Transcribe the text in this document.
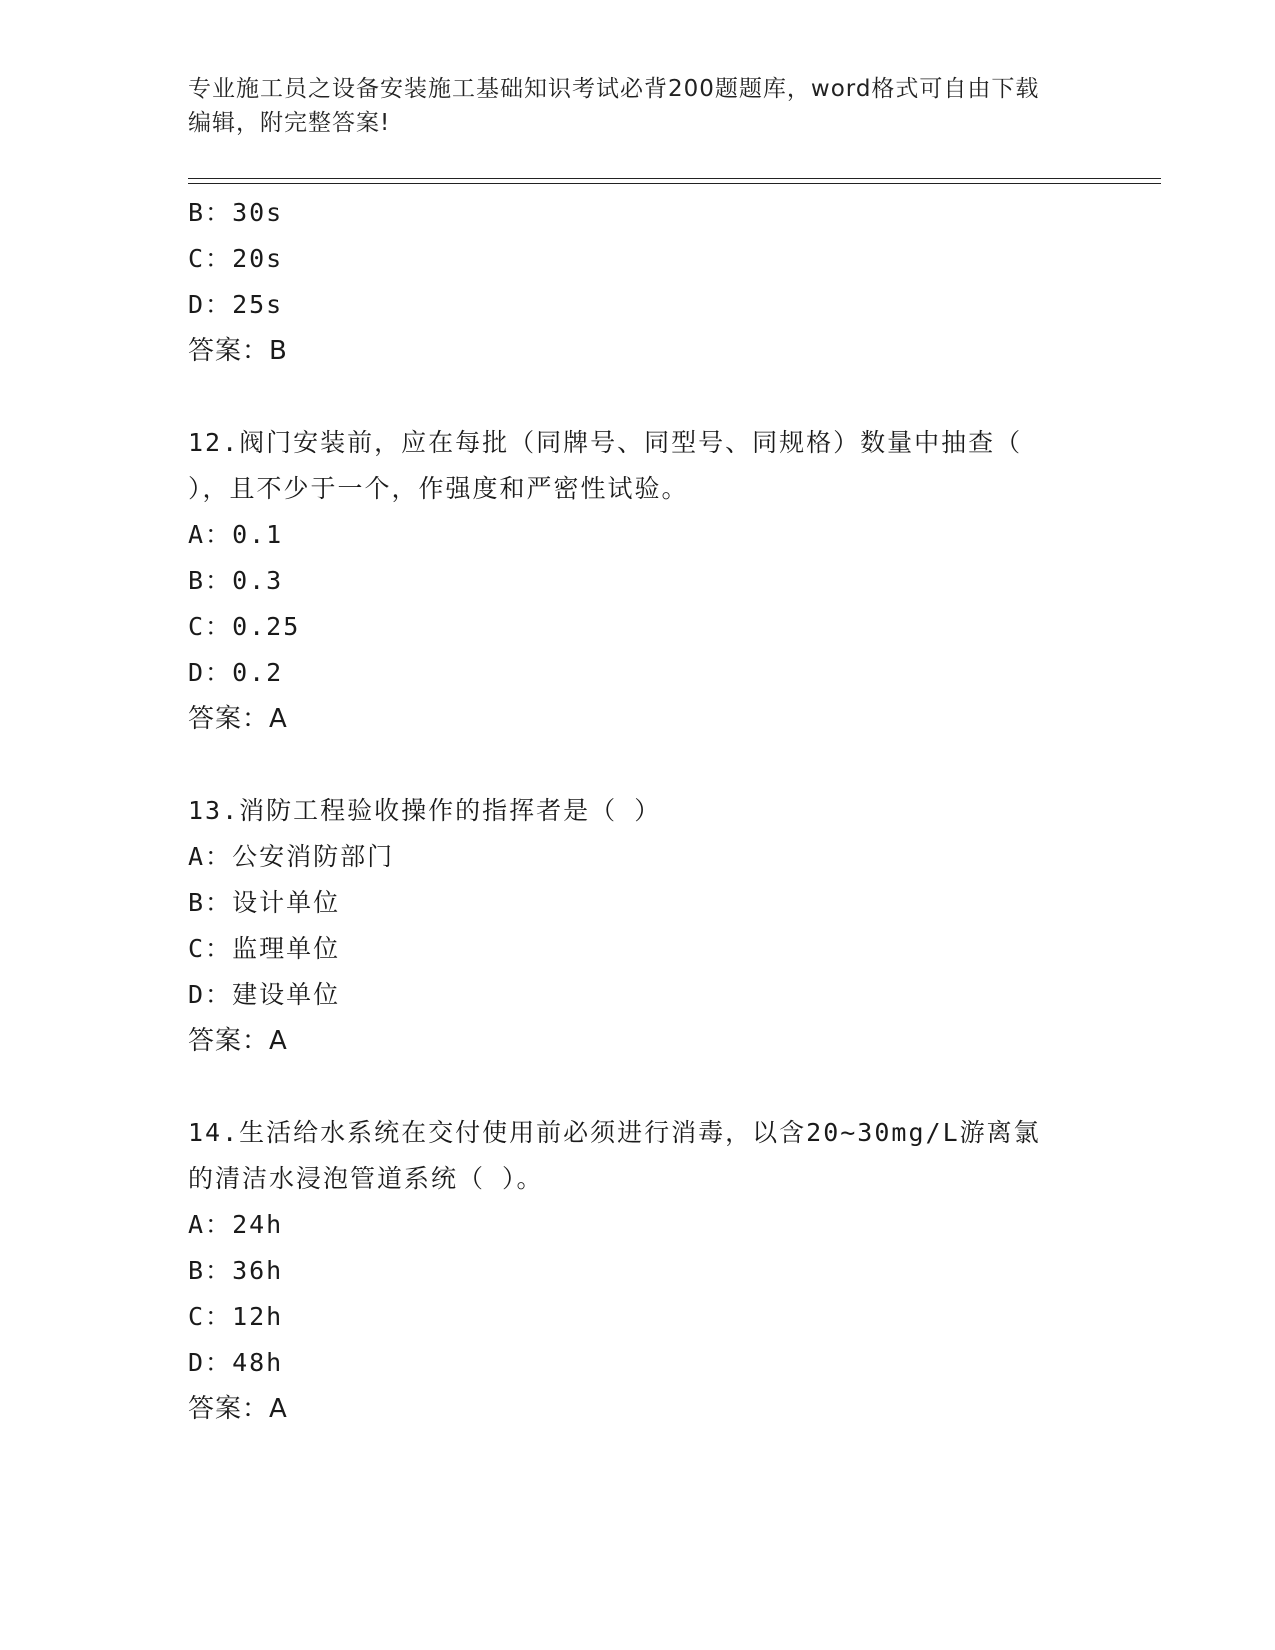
专业施工员之设备安装施工基础知识考试必背200题题库，word格式可自由下载

编辑，附完整答案!

B：30s

C：20s

D：25s

答案：B

12.阀门安装前，应在每批（同牌号、同型号、同规格）数量中抽查（

），且不少于一个，作强度和严密性试验。

A：0.1

B：0.3

C：0.25

D：0.2

答案：A

13.消防工程验收操作的指挥者是（ ）

A：公安消防部门

B：设计单位

C：监理单位

D：建设单位

答案：A

14.生活给水系统在交付使用前必须进行消毒，以含20~30mg/L游离氯

的清洁水浸泡管道系统（ ）。

A：24h

B：36h

C：12h

D：48h

答案：A
